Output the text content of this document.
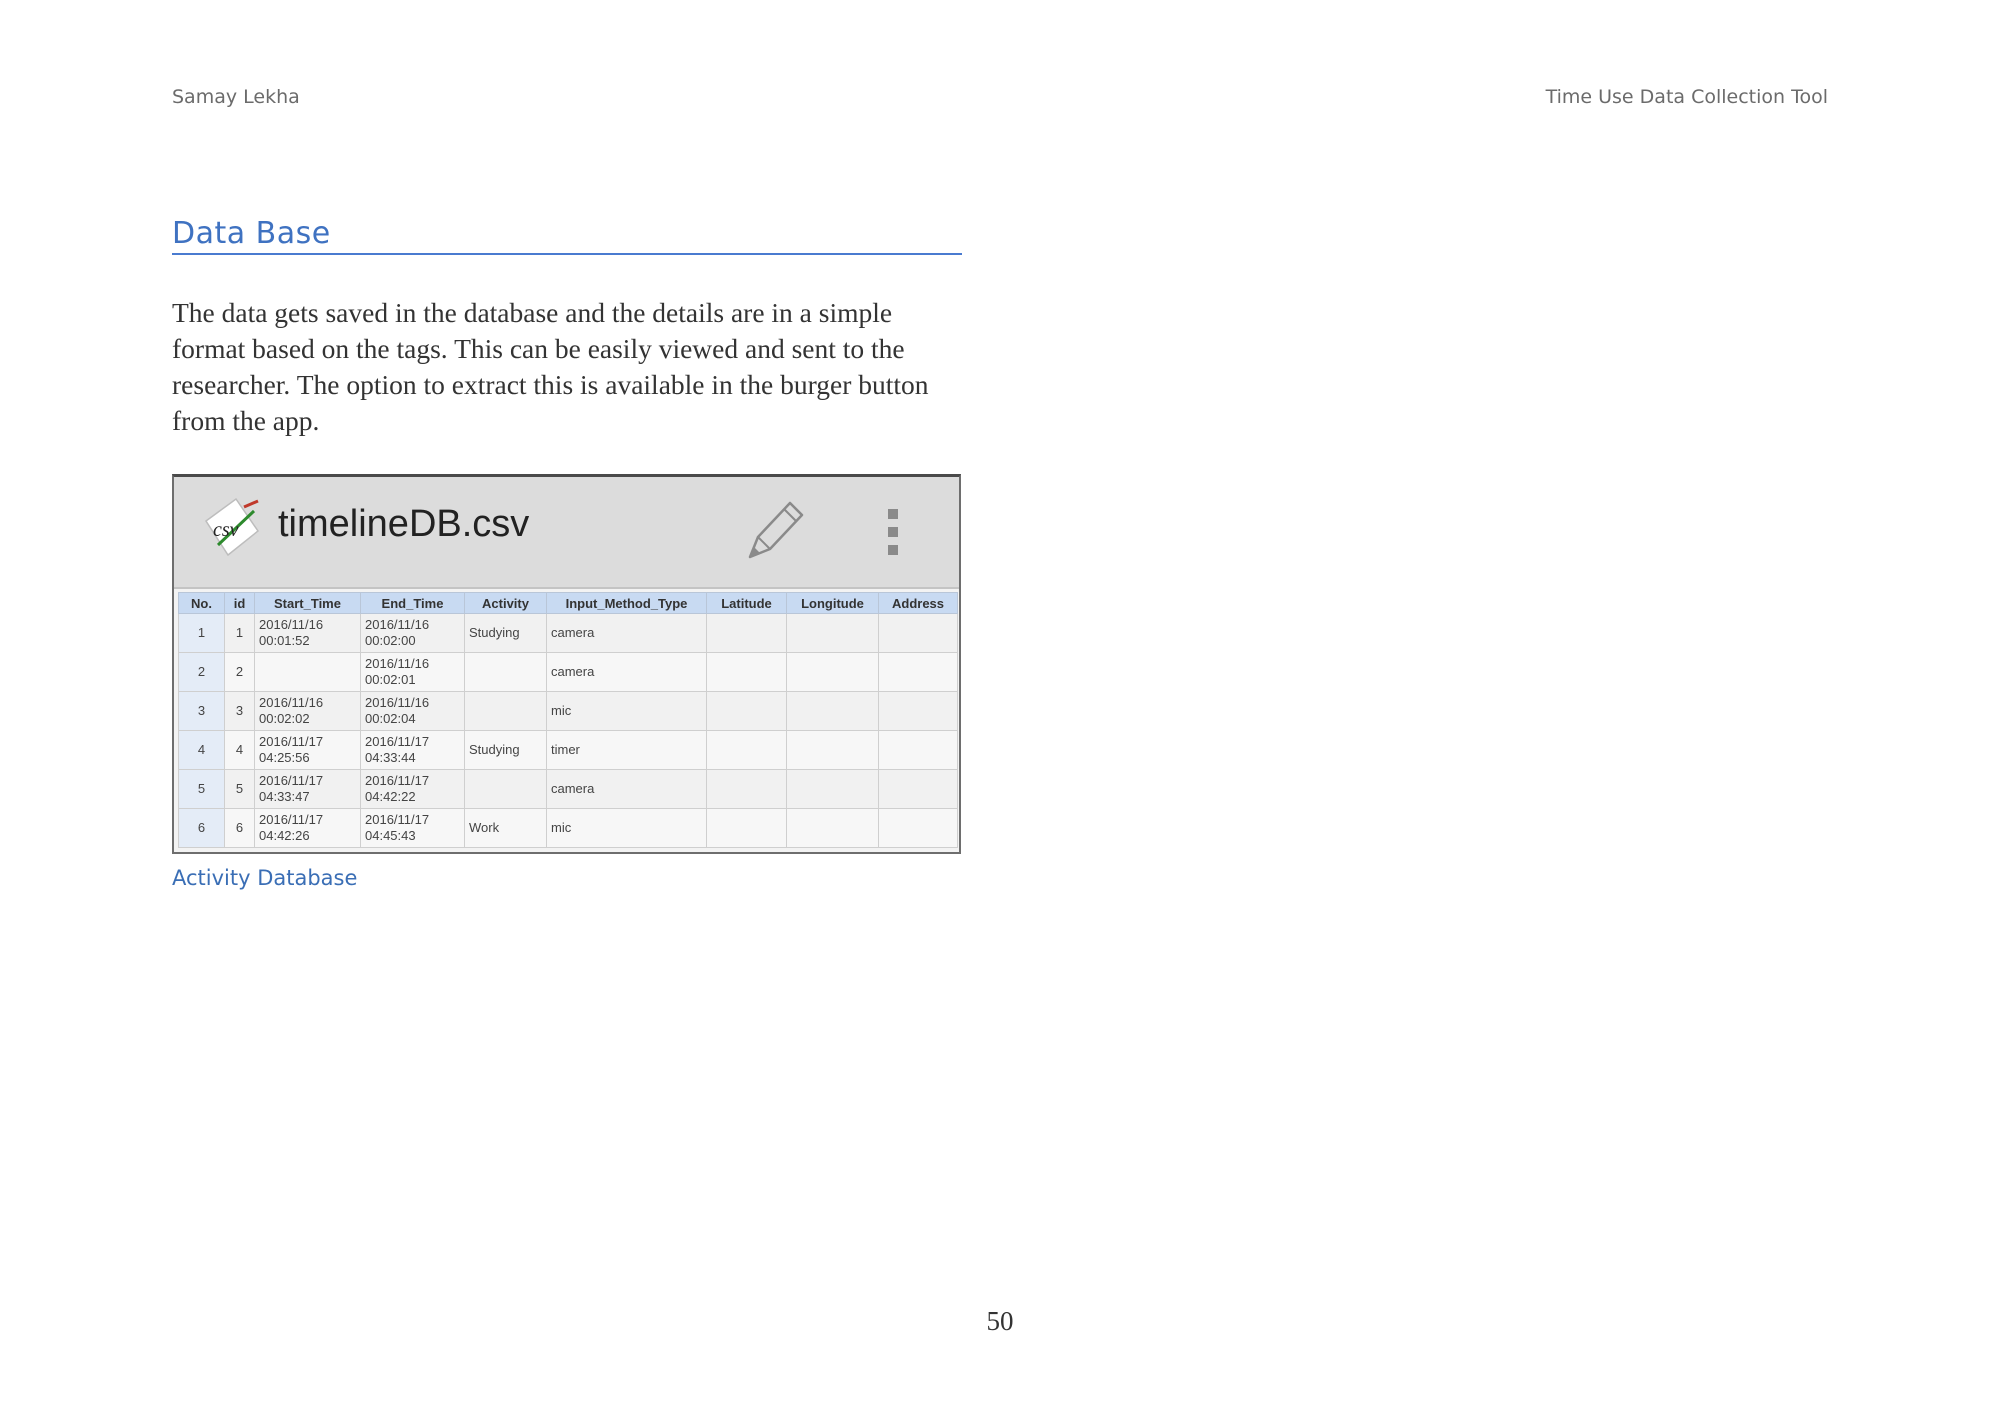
Samay Lekha	Time Use Data Collection Tool
Data Base

The data gets saved in the database and the details are in a simple format based on the tags. This can be easily viewed and sent to the researcher. The option to extract this is available in the burger button from the app.

csv timelineDB.csv
No.	id	Start_Time	End_Time	Activity	Input_Method_Type	Latitude	Longitude	Address
1	1	2016/11/16 00:01:52	2016/11/16 00:02:00	Studying	camera			
2	2		2016/11/16 00:02:01		camera			
3	3	2016/11/16 00:02:02	2016/11/16 00:02:04		mic			
4	4	2016/11/17 04:25:56	2016/11/17 04:33:44	Studying	timer			
5	5	2016/11/17 04:33:47	2016/11/17 04:42:22		camera			
6	6	2016/11/17 04:42:26	2016/11/17 04:45:43	Work	mic			
Activity Database
50
